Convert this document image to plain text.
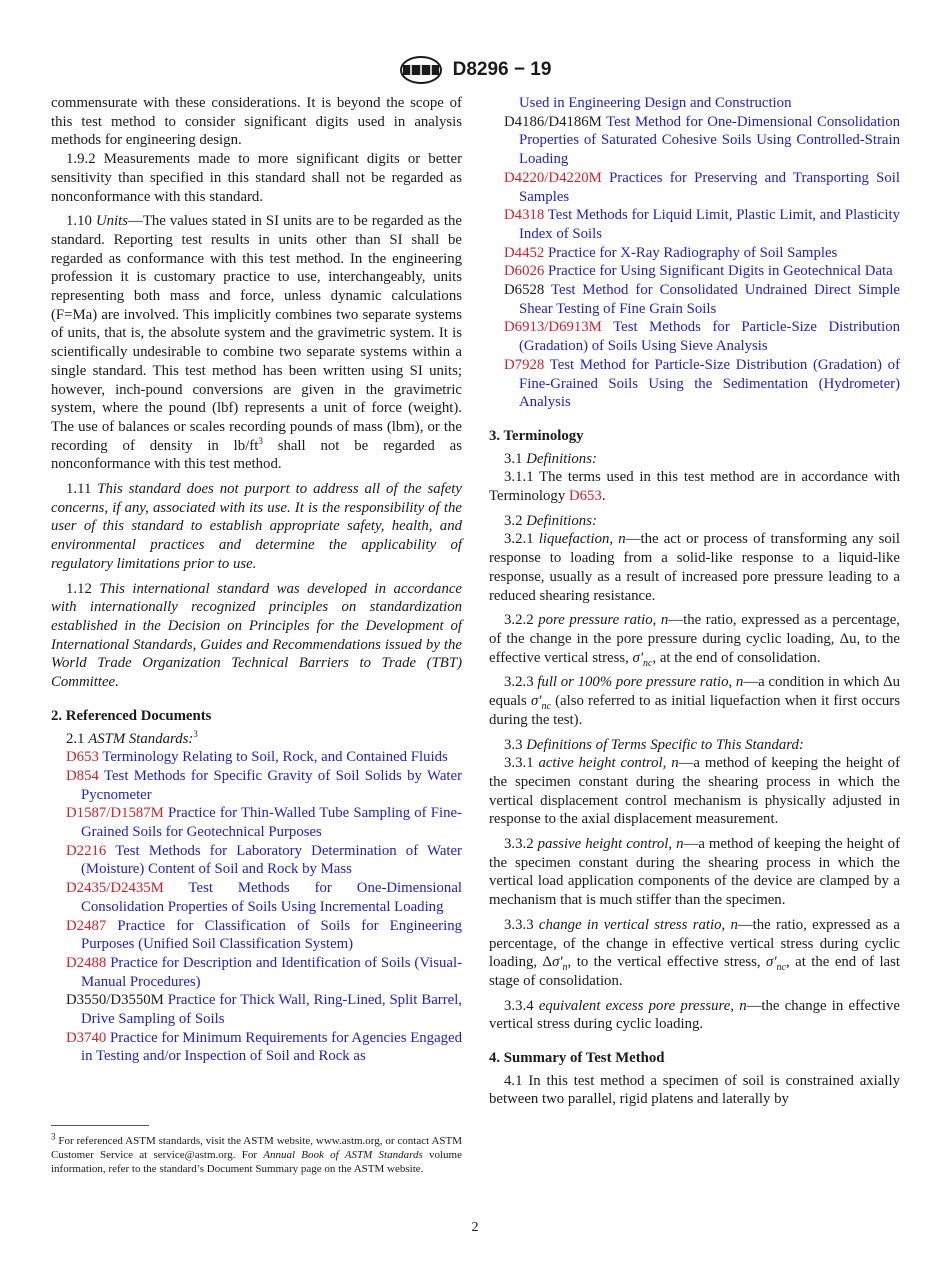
D8296 − 19

commensurate with these considerations. It is beyond the scope of this test method to consider significant digits used in analysis methods for engineering design.

1.9.2 Measurements made to more significant digits or better sensitivity than specified in this standard shall not be regarded as nonconformance with this standard.

1.10 Units—The values stated in SI units are to be regarded as the standard. Reporting test results in units other than SI shall be regarded as conformance with this test method. In the engineering profession it is customary practice to use, interchangeably, units representing both mass and force, unless dynamic calculations (F=Ma) are involved. This implicitly combines two separate systems of units, that is, the absolute system and the gravimetric system. It is scientifically undesirable to combine two separate systems within a single standard. This test method has been written using SI units; however, inch-pound conversions are given in the gravimetric system, where the pound (lbf) represents a unit of force (weight). The use of balances or scales recording pounds of mass (lbm), or the recording of density in $lb/ft^3$ shall not be regarded as nonconformance with this test method.

1.11 This standard does not purport to address all of the safety concerns, if any, associated with its use. It is the responsibility of the user of this standard to establish appropriate safety, health, and environmental practices and determine the applicability of regulatory limitations prior to use.

1.12 This international standard was developed in accordance with internationally recognized principles on standardization established in the Decision on Principles for the Development of International Standards, Guides and Recommendations issued by the World Trade Organization Technical Barriers to Trade (TBT) Committee.

2. Referenced Documents

2.1 ASTM Standards:$^3$

D653 Terminology Relating to Soil, Rock, and Contained Fluids

D854 Test Methods for Specific Gravity of Soil Solids by Water Pycnometer

D1587/D1587M Practice for Thin-Walled Tube Sampling of Fine-Grained Soils for Geotechnical Purposes

D2216 Test Methods for Laboratory Determination of Water (Moisture) Content of Soil and Rock by Mass

D2435/D2435M Test Methods for One-Dimensional Consolidation Properties of Soils Using Incremental Loading

D2487 Practice for Classification of Soils for Engineering Purposes (Unified Soil Classification System)

D2488 Practice for Description and Identification of Soils (Visual-Manual Procedures)

D3550/D3550M Practice for Thick Wall, Ring-Lined, Split Barrel, Drive Sampling of Soils

D3740 Practice for Minimum Requirements for Agencies Engaged in Testing and/or Inspection of Soil and Rock as

$^3$ For referenced ASTM standards, visit the ASTM website, www.astm.org, or contact ASTM Customer Service at service@astm.org. For Annual Book of ASTM Standards volume information, refer to the standard’s Document Summary page on the ASTM website.

Used in Engineering Design and Construction

D4186/D4186M Test Method for One-Dimensional Consolidation Properties of Saturated Cohesive Soils Using Controlled-Strain Loading

D4220/D4220M Practices for Preserving and Transporting Soil Samples

D4318 Test Methods for Liquid Limit, Plastic Limit, and Plasticity Index of Soils

D4452 Practice for X-Ray Radiography of Soil Samples

D6026 Practice for Using Significant Digits in Geotechnical Data

D6528 Test Method for Consolidated Undrained Direct Simple Shear Testing of Fine Grain Soils

D6913/D6913M Test Methods for Particle-Size Distribution (Gradation) of Soils Using Sieve Analysis

D7928 Test Method for Particle-Size Distribution (Gradation) of Fine-Grained Soils Using the Sedimentation (Hydrometer) Analysis

3. Terminology

3.1 Definitions:

3.1.1 The terms used in this test method are in accordance with Terminology D653.

3.2 Definitions:

3.2.1 liquefaction, n—the act or process of transforming any soil response to loading from a solid-like response to a liquid-like response, usually as a result of increased pore pressure leading to a reduced shearing resistance.

3.2.2 pore pressure ratio, n—the ratio, expressed as a percentage, of the change in the pore pressure during cyclic loading, Δu, to the effective vertical stress, $\sigma'_{nc}$, at the end of consolidation.

3.2.3 full or 100% pore pressure ratio, n—a condition in which Δu equals $\sigma'_{nc}$ (also referred to as initial liquefaction when it first occurs during the test).

3.3 Definitions of Terms Specific to This Standard:

3.3.1 active height control, n—a method of keeping the height of the specimen constant during the shearing process in which the vertical displacement control mechanism is physically adjusted in response to the axial displacement measurement.

3.3.2 passive height control, n—a method of keeping the height of the specimen constant during the shearing process in which the vertical load application components of the device are clamped by a mechanism that is much stiffer than the specimen.

3.3.3 change in vertical stress ratio, n—the ratio, expressed as a percentage, of the change in effective vertical stress during cyclic loading, $\Delta\sigma'_n$, to the vertical effective stress, $\sigma'_{nc}$, at the end of last stage of consolidation.

3.3.4 equivalent excess pore pressure, n—the change in effective vertical stress during cyclic loading.

4. Summary of Test Method

4.1 In this test method a specimen of soil is constrained axially between two parallel, rigid platens and laterally by

2
